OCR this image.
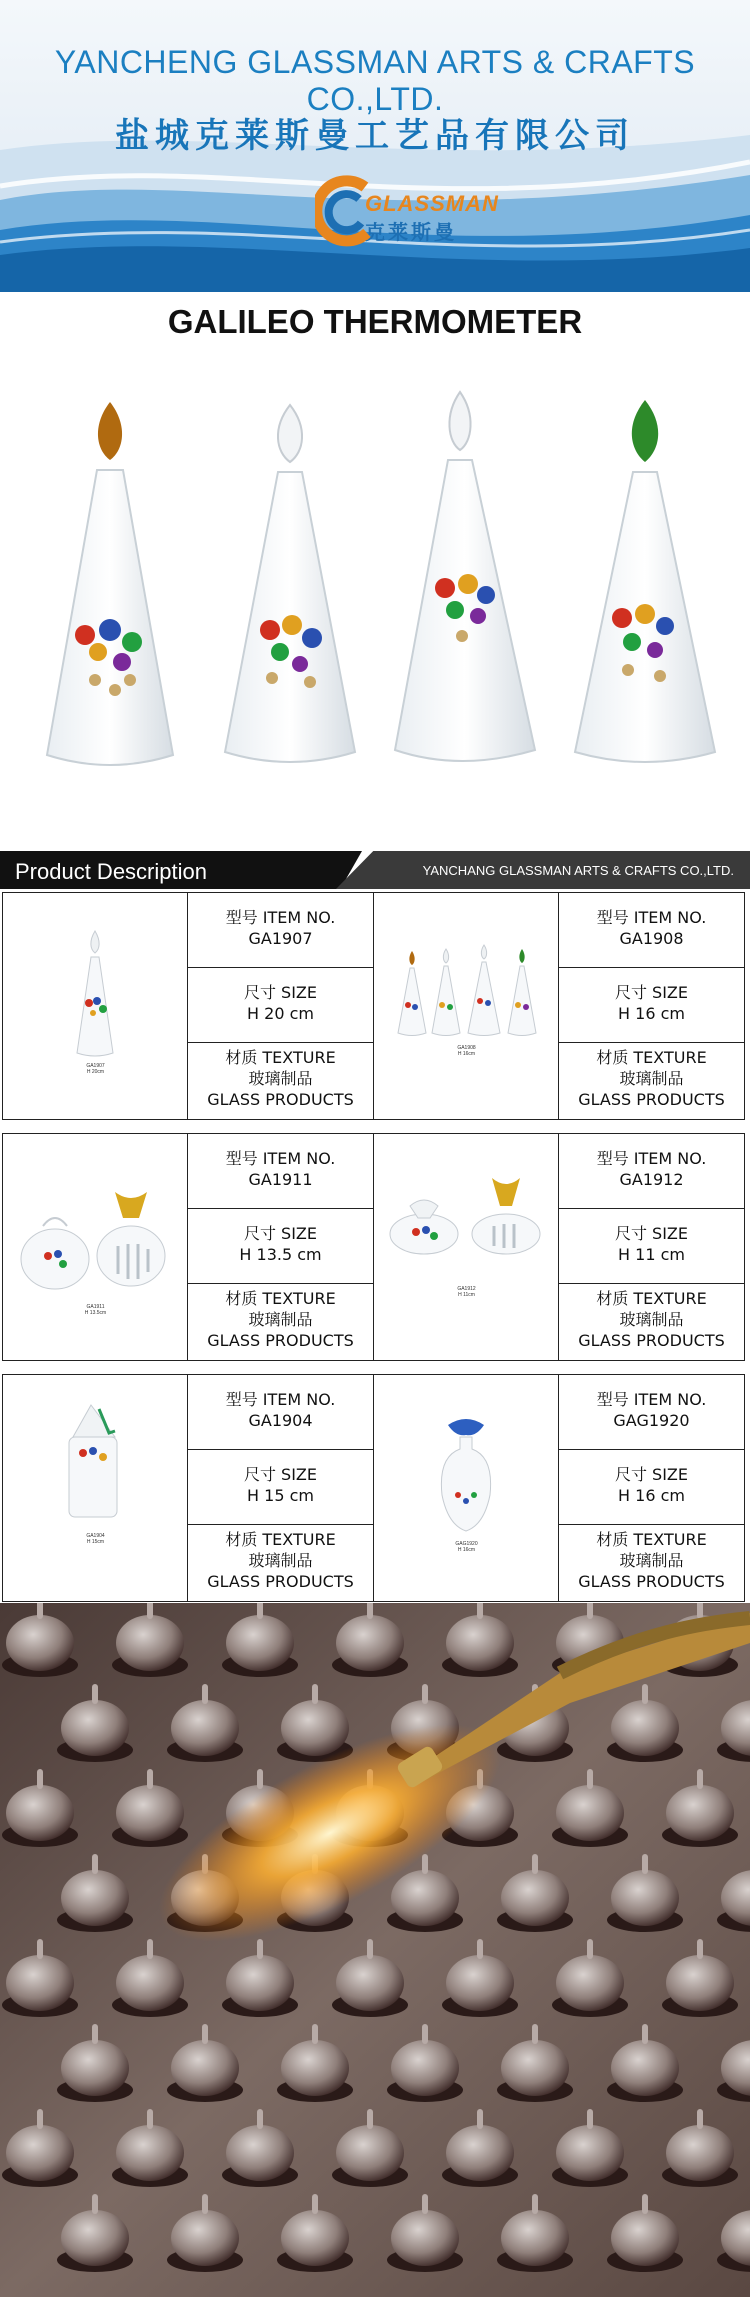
YANCHENG GLASSMAN ARTS & CRAFTS CO.,LTD.
盐城克莱斯曼工艺品有限公司
GLASSMAN
克莱斯曼
GALILEO THERMOMETER
Product Description	YANCHANG GLASSMAN ARTS & CRAFTS CO.,LTD.
GA1907
H 20cm
型号 ITEM NO.
GA1907
尺寸 SIZE
H 20 cm
材质 TEXTURE
玻璃制品
GLASS PRODUCTS
GA1908
H 16cm
型号 ITEM NO.
GA1908
尺寸 SIZE
H 16 cm
材质 TEXTURE
玻璃制品
GLASS PRODUCTS
GA1911
H 13.5cm
型号 ITEM NO.
GA1911
尺寸 SIZE
H 13.5 cm
材质 TEXTURE
玻璃制品
GLASS PRODUCTS
GA1912
H 11cm
型号 ITEM NO.
GA1912
尺寸 SIZE
H 11 cm
材质 TEXTURE
玻璃制品
GLASS PRODUCTS
GA1904
H 15cm
型号 ITEM NO.
GA1904
尺寸 SIZE
H 15 cm
材质 TEXTURE
玻璃制品
GLASS PRODUCTS
GAG1920
H 16cm
型号 ITEM NO.
GAG1920
尺寸 SIZE
H 16 cm
材质 TEXTURE
玻璃制品
GLASS PRODUCTS
